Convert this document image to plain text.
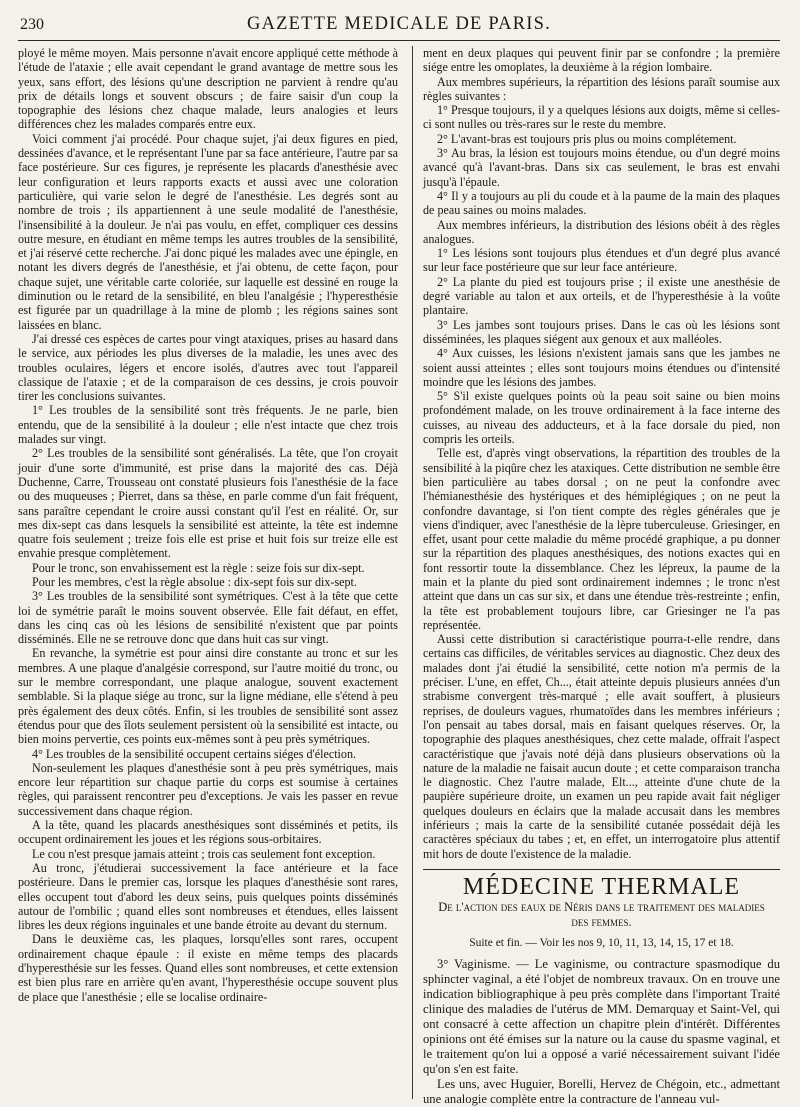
230	GAZETTE MEDICALE DE PARIS.

ployé le même moyen. Mais personne n'avait encore appliqué cette méthode à l'étude de l'ataxie ; elle avait cependant le grand avantage de mettre sous les yeux, sans effort, des lésions qu'une description ne parvient à rendre qu'au prix de détails longs et souvent obscurs ; de faire saisir d'un coup la topographie des lésions chez chaque malade, leurs analogies et leurs différences chez les malades comparés entre eux.

Voici comment j'ai procédé. Pour chaque sujet, j'ai deux figures en pied, dessinées d'avance, et le représentant l'une par sa face antérieure, l'autre par sa face postérieure. Sur ces figures, je représente les placards d'anesthésie avec leur configuration et leurs rapports exacts et aussi avec une coloration particulière, qui varie selon le degré de l'anesthésie. Les degrés sont au nombre de trois ; ils appartiennent à une seule modalité de l'anesthésie, l'insensibilité à la douleur. Je n'ai pas voulu, en effet, compliquer ces dessins outre mesure, en étudiant en même temps les autres troubles de la sensibilité, et j'ai réservé cette recherche. J'ai donc piqué les malades avec une épingle, en notant les divers degrés de l'anesthésie, et j'ai obtenu, de cette façon, pour chaque sujet, une véritable carte coloriée, sur laquelle est dessiné en rouge la diminution ou le retard de la sensibilité, en bleu l'analgésie ; l'hyperesthésie est figurée par un quadrillage à la mine de plomb ; les régions saines sont laissées en blanc.

J'ai dressé ces espèces de cartes pour vingt ataxiques, prises au hasard dans le service, aux périodes les plus diverses de la maladie, les unes avec des troubles oculaires, légers et encore isolés, d'autres avec tout l'appareil classique de l'ataxie ; et de la comparaison de ces dessins, je crois pouvoir tirer les conclusions suivantes.

1° Les troubles de la sensibilité sont très fréquents. Je ne parle, bien entendu, que de la sensibilité à la douleur ; elle n'est intacte que chez trois malades sur vingt.

2° Les troubles de la sensibilité sont généralisés. La tête, que l'on croyait jouir d'une sorte d'immunité, est prise dans la majorité des cas. Déjà Duchenne, Carre, Trousseau ont constaté plusieurs fois l'anesthésie de la face ou des muqueuses ; Pierret, dans sa thèse, en parle comme d'un fait fréquent, sans paraître cependant le croire aussi constant qu'il l'est en réalité. Or, sur mes dix-sept cas dans lesquels la sensibilité est atteinte, la tête est indemne quatre fois seulement ; treize fois elle est prise et huit fois sur treize elle est envahie presque complètement.

Pour le tronc, son envahissement est la règle : seize fois sur dix-sept.

Pour les membres, c'est la règle absolue : dix-sept fois sur dix-sept.

3° Les troubles de la sensibilité sont symétriques. C'est à la tête que cette loi de symétrie paraît le moins souvent observée. Elle fait défaut, en effet, dans les cinq cas où les lésions de sensibilité n'existent que par points disséminés. Elle ne se retrouve donc que dans huit cas sur vingt.

En revanche, la symétrie est pour ainsi dire constante au tronc et sur les membres. A une plaque d'analgésie correspond, sur l'autre moitié du tronc, ou sur le membre correspondant, une plaque analogue, souvent exactement semblable. Si la plaque siége au tronc, sur la ligne médiane, elle s'étend à peu près également des deux côtés. Enfin, si les troubles de sensibilité sont assez étendus pour que des îlots seulement persistent où la sensibilité est intacte, ou bien moins pervertie, ces points eux-mêmes sont à peu près symétriques.

4° Les troubles de la sensibilité occupent certains siéges d'élection.

Non-seulement les plaques d'anesthésie sont à peu près symétriques, mais encore leur répartition sur chaque partie du corps est soumise à certaines règles, qui paraissent rencontrer peu d'exceptions. Je vais les passer en revue successivement dans chaque région.

A la tête, quand les placards anesthésiques sont disséminés et petits, ils occupent ordinairement les joues et les régions sous-orbitaires.

Le cou n'est presque jamais atteint ; trois cas seulement font exception.

Au tronc, j'étudierai successivement la face antérieure et la face postérieure. Dans le premier cas, lorsque les plaques d'anesthésie sont rares, elles occupent tout d'abord les deux seins, puis quelques points disséminés autour de l'ombilic ; quand elles sont nombreuses et étendues, elles laissent libres les deux régions inguinales et une bande étroite au devant du sternum.

Dans le deuxième cas, les plaques, lorsqu'elles sont rares, occupent ordinairement chaque épaule : il existe en même temps des placards d'hyperesthésie sur les fesses. Quand elles sont nombreuses, et cette extension est bien plus rare en arrière qu'en avant, l'hyperesthésie occupe souvent plus de place que l'anesthésie ; elle se localise ordinaire-

ment en deux plaques qui peuvent finir par se confondre ; la première siége entre les omoplates, la deuxième à la région lombaire.

Aux membres supérieurs, la répartition des lésions paraît soumise aux règles suivantes :

1° Presque toujours, il y a quelques lésions aux doigts, même si celles-ci sont nulles ou très-rares sur le reste du membre.

2° L'avant-bras est toujours pris plus ou moins complétement.

3° Au bras, la lésion est toujours moins étendue, ou d'un degré moins avancé qu'à l'avant-bras. Dans six cas seulement, le bras est envahi jusqu'à l'épaule.

4° Il y a toujours au pli du coude et à la paume de la main des plaques de peau saines ou moins malades.

Aux membres inférieurs, la distribution des lésions obéit à des règles analogues.

1° Les lésions sont toujours plus étendues et d'un degré plus avancé sur leur face postérieure que sur leur face antérieure.

2° La plante du pied est toujours prise ; il existe une anesthésie de degré variable au talon et aux orteils, et de l'hyperesthésie à la voûte plantaire.

3° Les jambes sont toujours prises. Dans le cas où les lésions sont disséminées, les plaques siégent aux genoux et aux malléoles.

4° Aux cuisses, les lésions n'existent jamais sans que les jambes ne soient aussi atteintes ; elles sont toujours moins étendues ou d'intensité moindre que les lésions des jambes.

5° S'il existe quelques points où la peau soit saine ou bien moins profondément malade, on les trouve ordinairement à la face interne des cuisses, au niveau des adducteurs, et à la face dorsale du pied, non compris les orteils.

Telle est, d'après vingt observations, la répartition des troubles de la sensibilité à la piqûre chez les ataxiques. Cette distribution ne semble être bien particulière au tabes dorsal ; on ne peut la confondre avec l'hémianesthésie des hystériques et des hémiplégiques ; on ne peut la confondre davantage, si l'on tient compte des règles générales que je viens d'indiquer, avec l'anesthésie de la lèpre tuberculeuse. Griesinger, en effet, usant pour cette maladie du même procédé graphique, a pu donner sur la répartition des plaques anesthésiques, des notions exactes qui en font ressortir toute la dissemblance. Chez les lépreux, la paume de la main et la plante du pied sont ordinairement indemnes ; le tronc n'est atteint que dans un cas sur six, et dans une étendue très-restreinte ; enfin, la tête est probablement toujours libre, car Griesinger ne l'a pas représentée.

Aussi cette distribution si caractéristique pourra-t-elle rendre, dans certains cas difficiles, de véritables services au diagnostic. Chez deux des malades dont j'ai étudié la sensibilité, cette notion m'a permis de la préciser. L'une, en effet, Ch..., était atteinte depuis plusieurs années d'un strabisme convergent très-marqué ; elle avait souffert, à plusieurs reprises, de douleurs vagues, rhumatoïdes dans les membres inférieurs ; l'on pensait au tabes dorsal, mais en faisant quelques réserves. Or, la topographie des plaques anesthésiques, chez cette malade, offrait l'aspect caractéristique que j'avais noté déjà dans plusieurs observations où la nature de la maladie ne faisait aucun doute ; et cette comparaison trancha le diagnostic. Chez l'autre malade, Elt..., atteinte d'une chute de la paupière supérieure droite, un examen un peu rapide avait fait négliger quelques douleurs en éclairs que la malade accusait dans les membres inférieurs ; mais la carte de la sensibilité cutanée possédait déjà les caractères spéciaux du tabes ; et, en effet, un interrogatoire plus attentif mit hors de doute l'existence de la maladie.

MÉDECINE THERMALE
De l'action des eaux de Néris dans le traitement des maladies des femmes.
Suite et fin. — Voir les nos 9, 10, 11, 13, 14, 15, 17 et 18.

3° Vaginisme. — Le vaginisme, ou contracture spasmodique du sphincter vaginal, a été l'objet de nombreux travaux. On en trouve une indication bibliographique à peu près complète dans l'important Traité clinique des maladies de l'utérus de MM. Demarquay et Saint-Vel, qui ont consacré à cette affection un chapitre plein d'intérêt. Différentes opinions ont été émises sur la nature ou la cause du spasme vaginal, et le traitement qu'on lui a opposé a varié nécessairement suivant l'idée qu'on s'en est faite.

Les uns, avec Huguier, Borelli, Hervez de Chégoin, etc., admettant une analogie complète entre la contracture de l'anneau vul-
